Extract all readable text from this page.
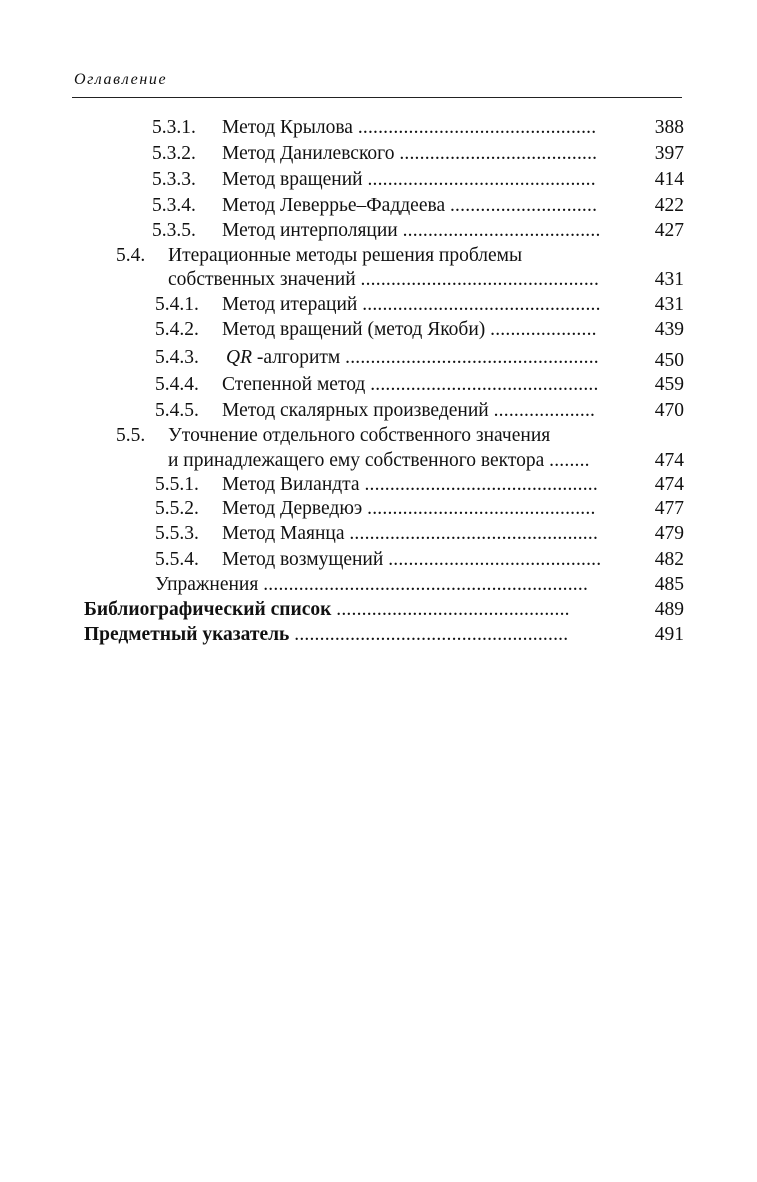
Оглавление
5.3.1. Метод Крылова ...............................................	388
5.3.2. Метод Данилевского .......................................	397
5.3.3. Метод вращений .............................................	414
5.3.4. Метод Леверрье–Фаддеева .............................	422
5.3.5. Метод интерполяции .......................................	427
5.4. Итерационные методы решения проблемы
собственных значений ...............................................	431
5.4.1. Метод итераций ...............................................	431
5.4.2. Метод вращений (метод Якоби) .....................	439
5.4.3. QR -алгоритм ..................................................	450
5.4.4. Степенной метод .............................................	459
5.4.5. Метод скалярных произведений ....................	470
5.5. Уточнение отдельного собственного значения
и принадлежащего ему собственного вектора ........	474
5.5.1. Метод Виландта ..............................................	474
5.5.2. Метод Дерведюэ .............................................	477
5.5.3. Метод Маянца .................................................	479
5.5.4. Метод возмущений ..........................................	482
Упражнения ................................................................	485
Библиографический список ..............................................	489
Предметный указатель ......................................................	491
